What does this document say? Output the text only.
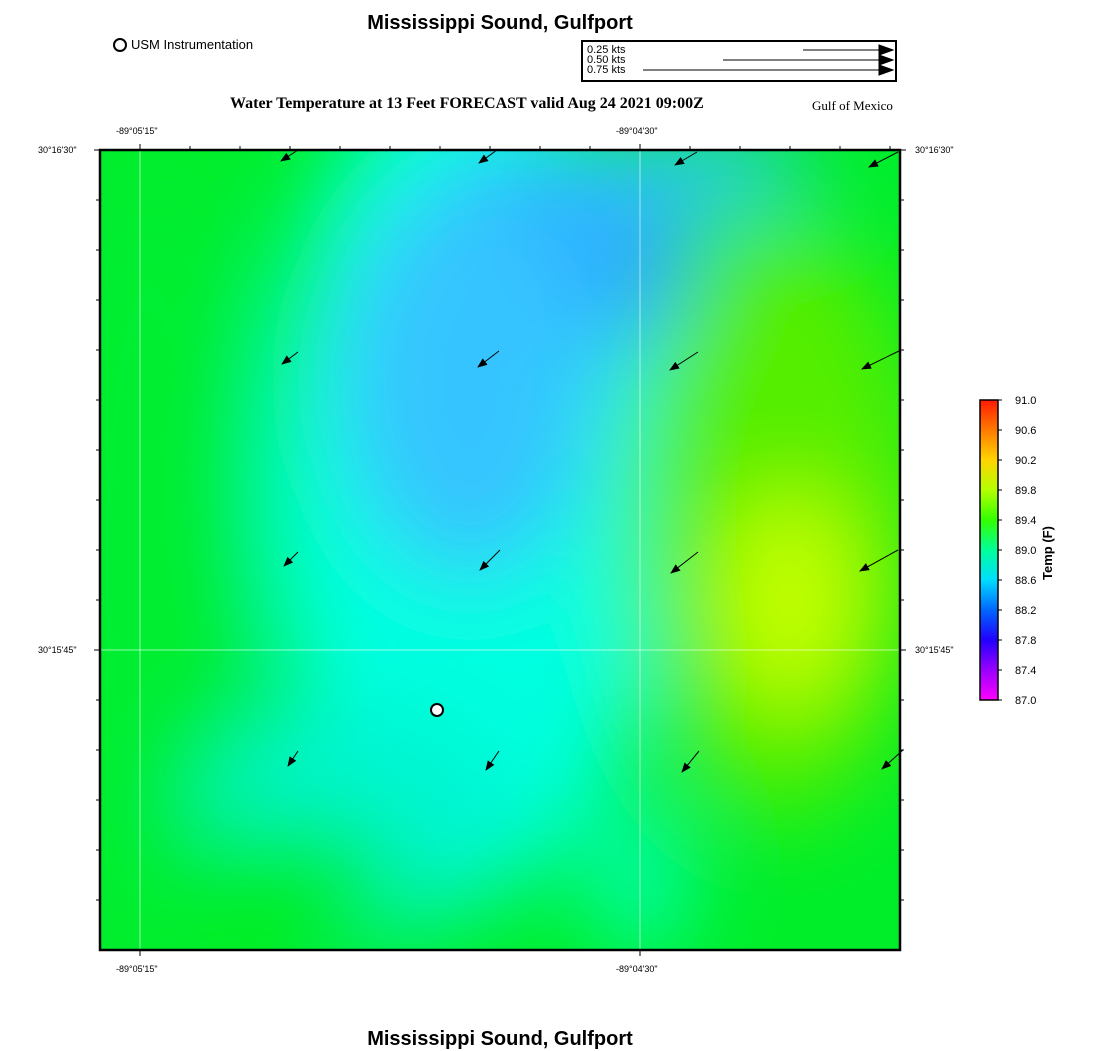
Mississippi Sound, Gulfport
USM Instrumentation	0.25 kts
0.50 kts
0.75 kts
Water Temperature at 13 Feet FORECAST valid Aug 24 2021 09:00Z	Gulf of Mexico
-89°05'15"	-89°04'30"
-89°05'15"	-89°04'30"
30°16'30"
30°15'45"
30°16'30"
30°15'45"
91.0
90.6
90.2
89.8
89.4
89.0
88.6
88.2
87.8
87.4
87.0
Temp (F)
Mississippi Sound, Gulfport
